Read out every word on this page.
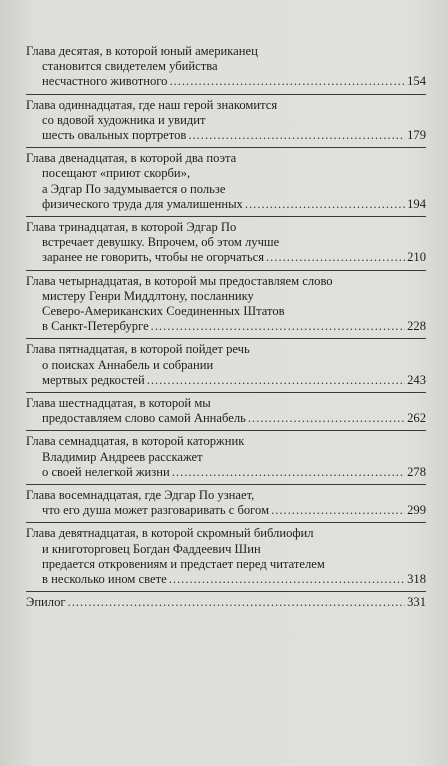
Глава десятая, в которой юный американец
становится свидетелем убийства
несчастного животного .....	154
Глава одиннадцатая, где наш герой знакомится
со вдовой художника и увидит
шесть овальных портретов .....	179
Глава двенадцатая, в которой два поэта
посещают «приют скорби»,
а Эдгар По задумывается о пользе
физического труда для умалишенных .....	194
Глава тринадцатая, в которой Эдгар По
встречает девушку. Впрочем, об этом лучше
заранее не говорить, чтобы не огорчаться .....	210
Глава четырнадцатая, в которой мы предоставляем слово
мистеру Генри Миддлтону, посланнику
Северо-Американских Соединенных Штатов
в Санкт-Петербурге .....	228
Глава пятнадцатая, в которой пойдет речь
о поисках Аннабель и собрании
мертвых редкостей .....	243
Глава шестнадцатая, в которой мы
предоставляем слово самой Аннабель .....	262
Глава семнадцатая, в которой каторжник
Владимир Андреев расскажет
о своей нелегкой жизни .....	278
Глава восемнадцатая, где Эдгар По узнает,
что его душа может разговаривать с богом .....	299
Глава девятнадцатая, в которой скромный библиофил
и книготорговец Богдан Фаддеевич Шин
предается откровениям и предстает перед читателем
в несколько ином свете .....	318
Эпилог .....	331
